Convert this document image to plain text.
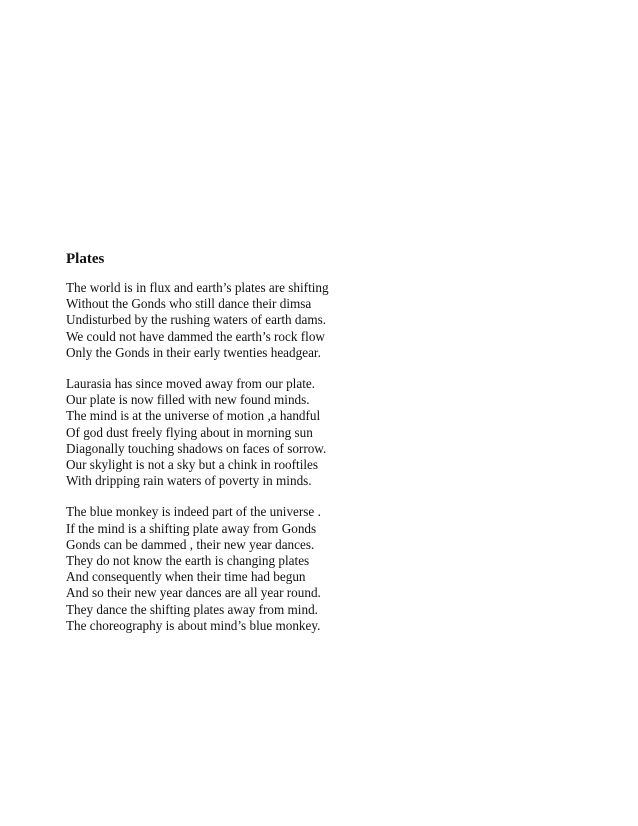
Plates
The world is in flux and earth’s plates are shifting
Without the Gonds who still dance their dimsa
Undisturbed by the rushing waters of earth dams.
We could not have dammed the earth’s rock flow
Only the Gonds in their early twenties headgear.
Laurasia has since moved away from our plate.
Our plate is now filled with new found minds.
The mind is at the universe of motion ,a handful
Of god dust freely flying about in morning sun
Diagonally touching shadows on faces of sorrow.
Our skylight is not a sky but a chink in rooftiles
With dripping rain waters of poverty in minds.
The blue monkey is indeed part of the universe .
If the mind is a shifting plate away from Gonds
Gonds can be dammed , their new year dances.
They do not know the earth is changing plates
And consequently when their time had begun
And so their new year dances are all year round.
They dance the shifting plates away from mind.
The choreography is about mind’s blue monkey.
